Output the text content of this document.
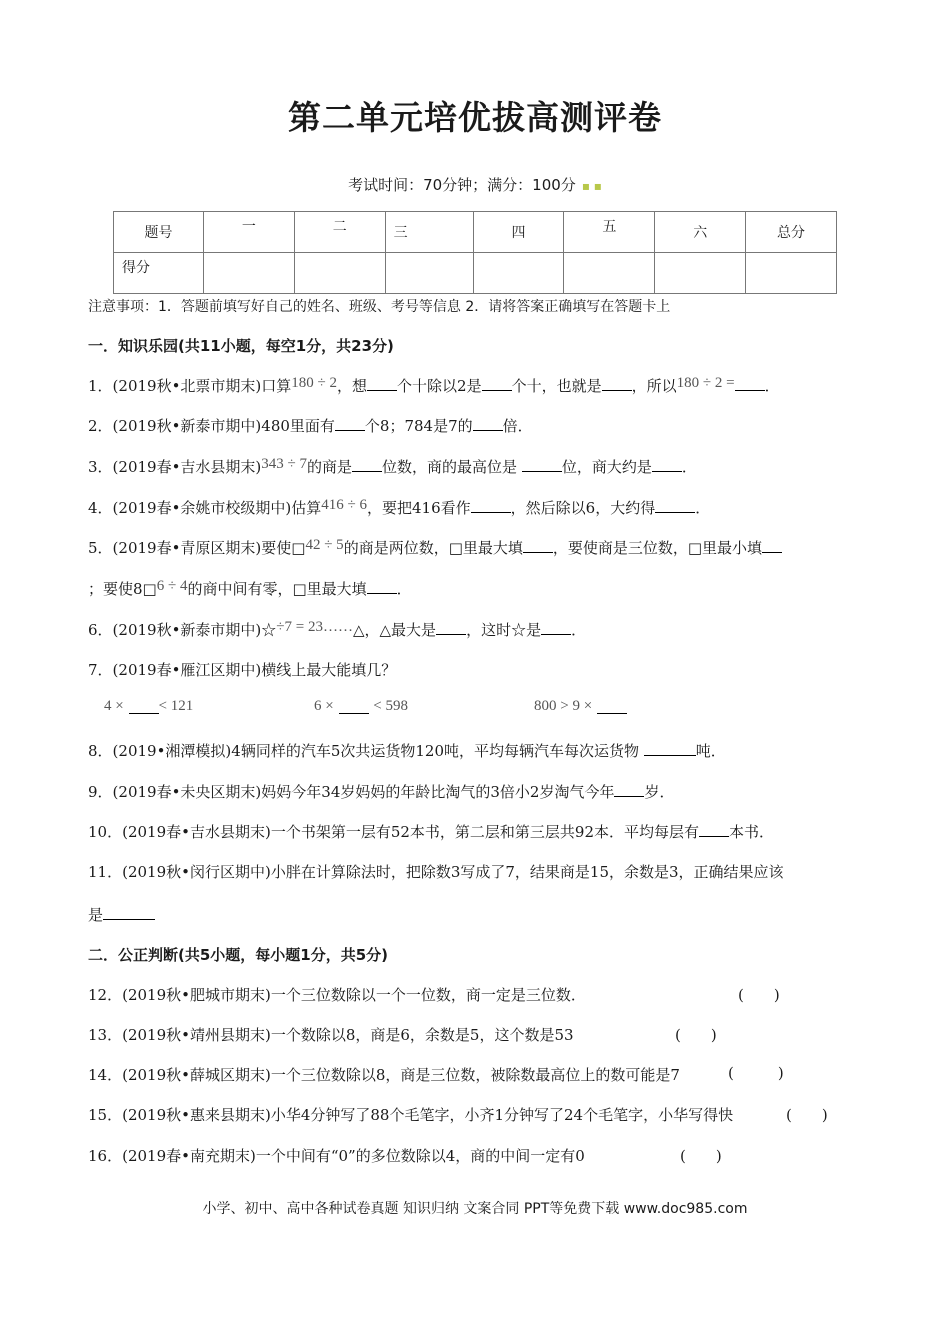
第二单元培优拔高测评卷
考试时间：70分钟；满分：100分 ▪ ▪
题号	一	二	三	四	五	六	总分
得分							
注意事项：1．答题前填写好自己的姓名、班级、考号等信息 2．请将答案正确填写在答题卡上
一．知识乐园(共11小题，每空1分，共23分)
1．(2019秋•北票市期末)口算180 ÷ 2，想 个十除以2是 个十，也就是 ，所以180 ÷ 2 = ．
2．(2019秋•新泰市期中)480里面有 个8；784是7的 倍．
3．(2019春•吉水县期末)343 ÷ 7的商是 位数，商的最高位是	位，商大约是 ．
4．(2019春•余姚市校级期中)估算416 ÷ 6，要把416看作	，然后除以6，大约得	．
5．(2019春•青原区期末)要使□42 ÷ 5的商是两位数，□里最大填 ，要使商是三位数，□里最小填
；要使8□6 ÷ 4的商中间有零，□里最大填 ．
6．(2019秋•新泰市期中)☆÷7 = 23……△，△最大是 ，这时☆是 ．
7．(2019春•雁江区期中)横线上最大能填几？
4 × < 121	6 ×	< 598	800 > 9 ×
8．(2019•湘潭模拟)4辆同样的汽车5次共运货物120吨，平均每辆汽车每次运货物	吨．
9．(2019春•未央区期末)妈妈今年34岁妈妈的年龄比淘气的3倍小2岁淘气今年 岁．
10．(2019春•吉水县期末)一个书架第一层有52本书，第二层和第三层共92本．平均每层有 本书．
11．(2019秋•闵行区期中)小胖在计算除法时，把除数3写成了7，结果商是15，余数是3，正确结果应该
是
二．公正判断(共5小题，每小题1分，共5分)
12．(2019秋•肥城市期末)一个三位数除以一个一位数，商一定是三位数．	(　　)
13．(2019秋•靖州县期末)一个数除以8，商是6，余数是5，这个数是53	(　　)
14．(2019秋•薛城区期末)一个三位数除以8，商是三位数，被除数最高位上的数可能是7	(	)
15．(2019秋•惠来县期末)小华4分钟写了88个毛笔字，小齐1分钟写了24个毛笔字，小华写得快	(　　)
16．(2019春•南充期末)一个中间有“0”的多位数除以4，商的中间一定有0	(　　)
小学、初中、高中各种试卷真题 知识归纳 文案合同 PPT等免费下载 www.doc985.com
